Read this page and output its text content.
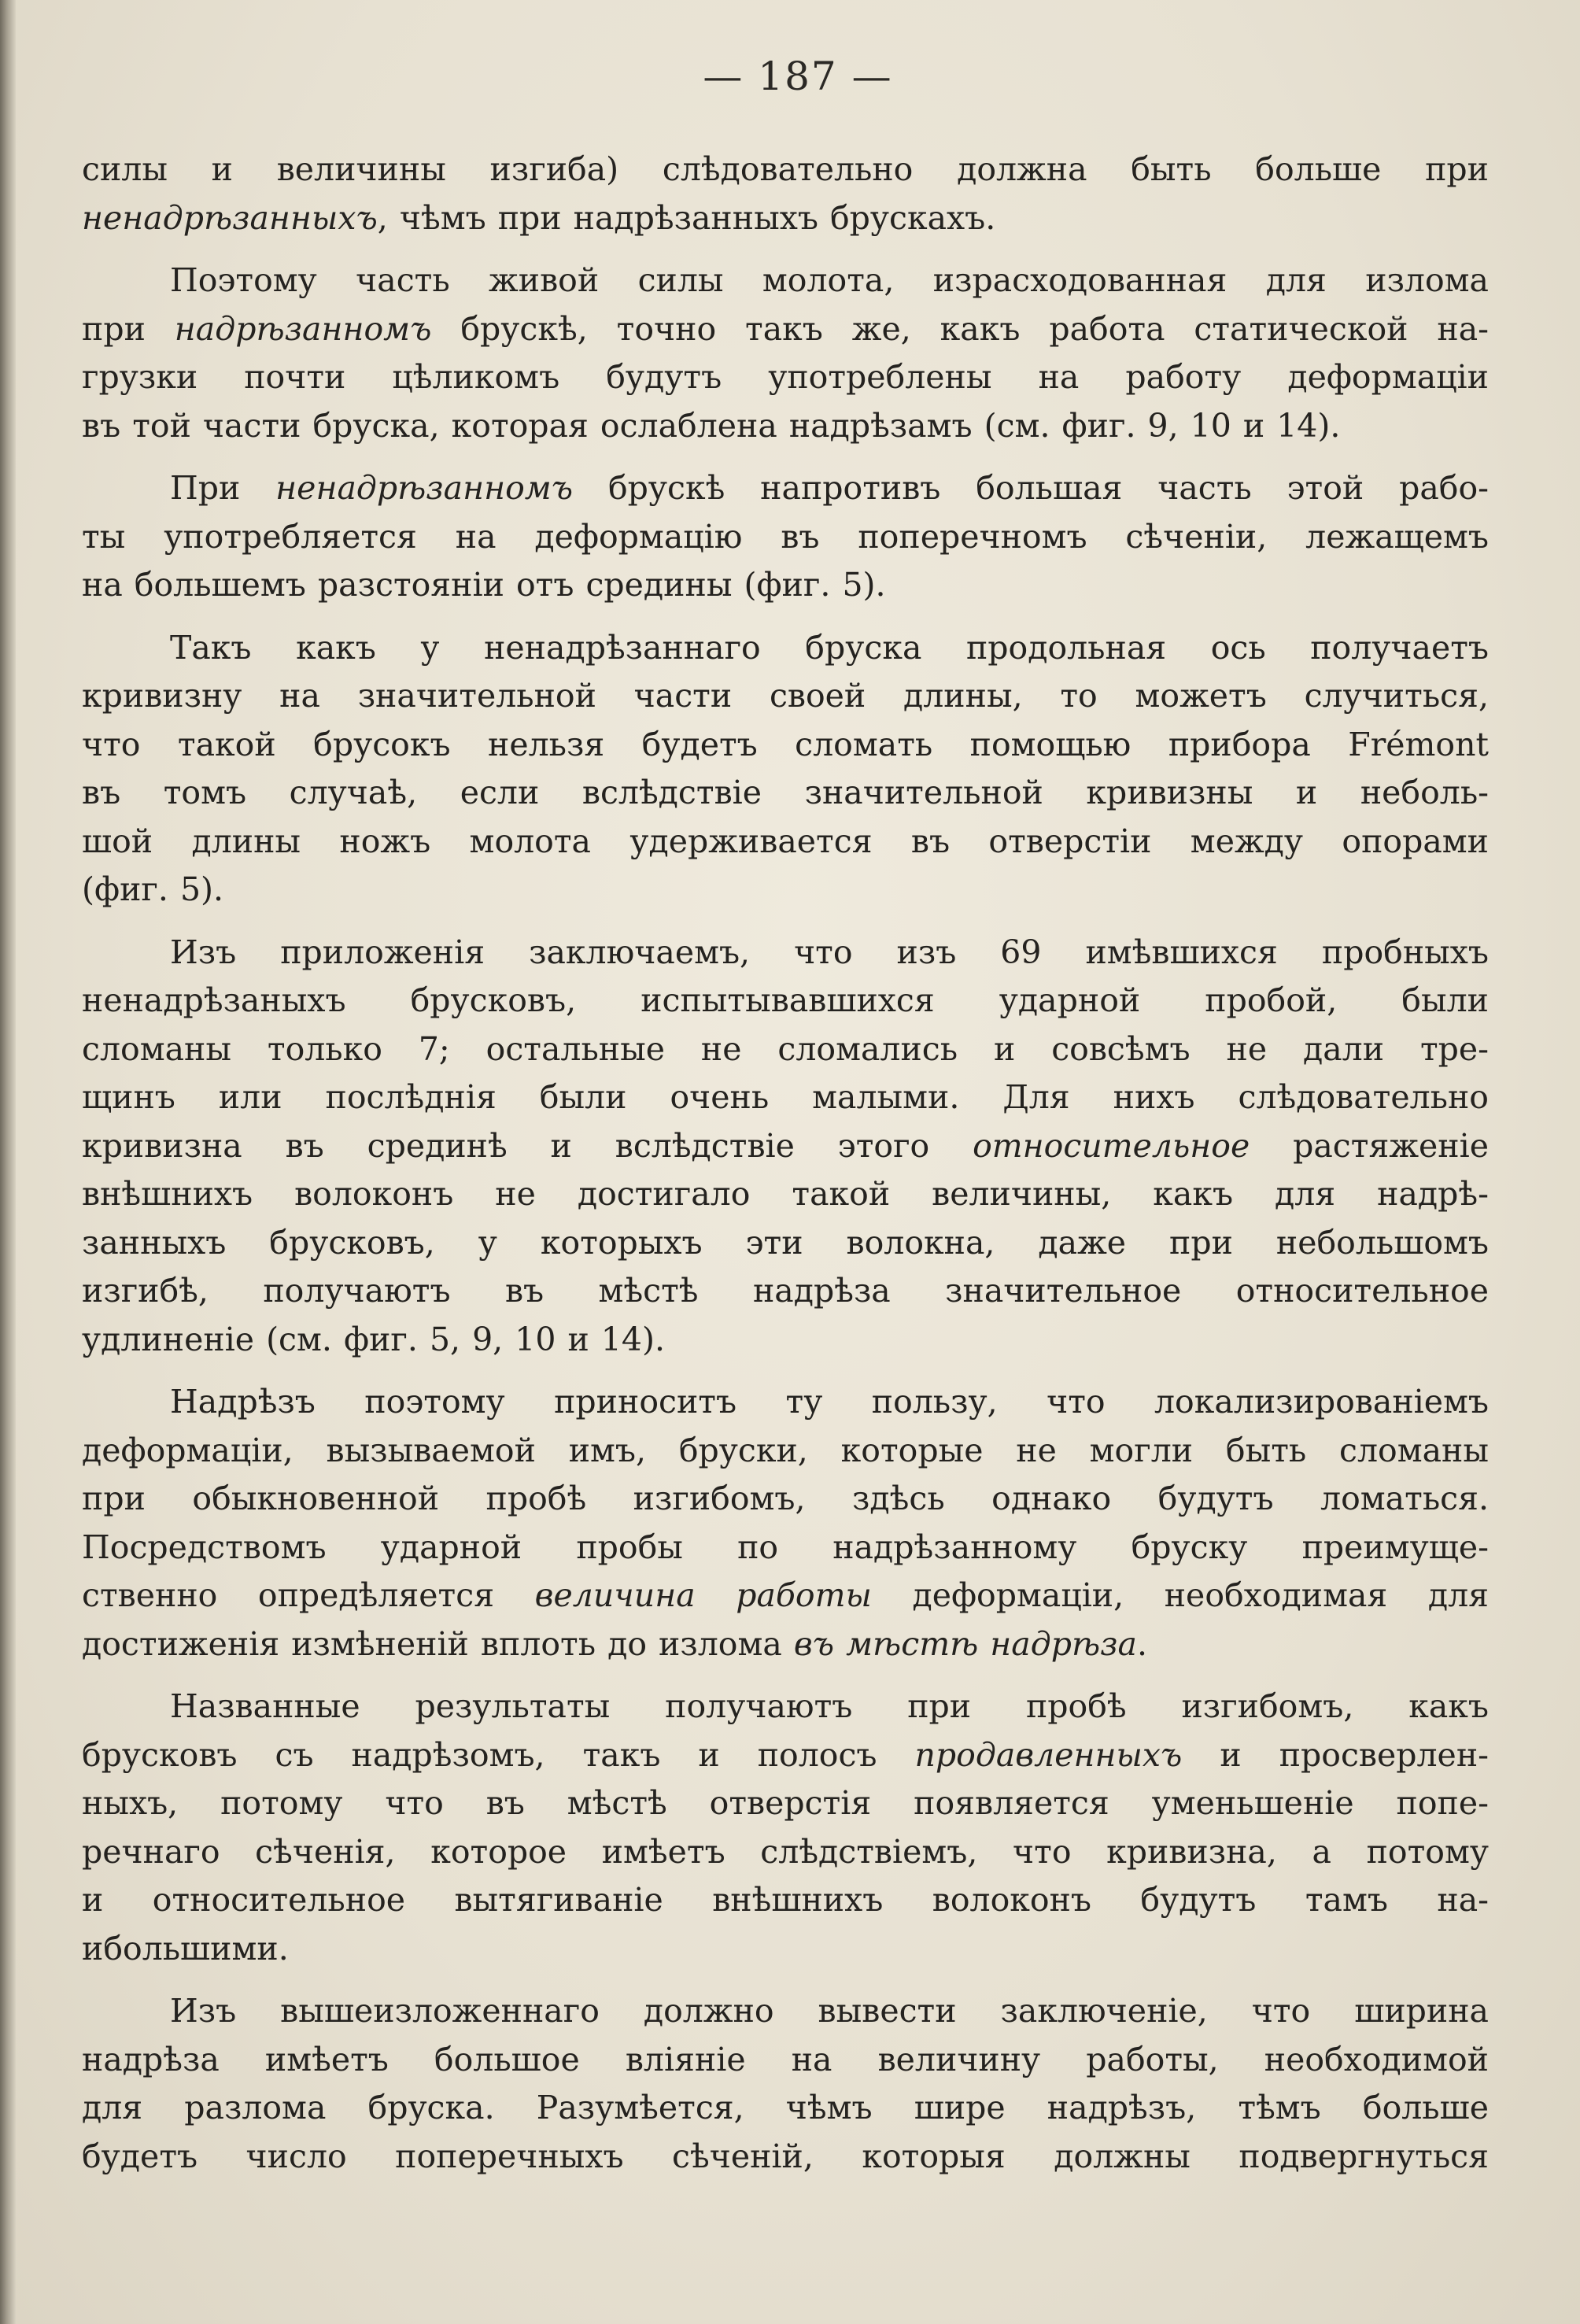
— 187 —

силы и величины изгиба) слѣдовательно должна быть больше при
ненадрѣзанныхъ, чѣмъ при надрѣзанныхъ брускахъ.

Поэтому часть живой силы молота, израсходованная для излома
при надрѣзанномъ брускѣ, точно такъ же, какъ работа статической на-
грузки почти цѣликомъ будутъ употреблены на работу деформаціи
въ той части бруска, которая ослаблена надрѣзамъ (см. фиг. 9, 10 и 14).

При ненадрѣзанномъ брускѣ напротивъ большая часть этой рабо-
ты употребляется на деформацію въ поперечномъ сѣченіи, лежащемъ
на большемъ разстояніи отъ средины (фиг. 5).

Такъ какъ у ненадрѣзаннаго бруска продольная ось получаетъ
кривизну на значительной части своей длины, то можетъ случиться,
что такой брусокъ нельзя будетъ сломать помощью прибора Frémont
въ томъ случаѣ, если вслѣдствіе значительной кривизны и неболь-
шой длины ножъ молота удерживается въ отверстіи между опорами
(фиг. 5).

Изъ приложенія заключаемъ, что изъ 69 имѣвшихся пробныхъ
ненадрѣзаныхъ брусковъ, испытывавшихся ударной пробой, были
сломаны только 7; остальные не сломались и совсѣмъ не дали тре-
щинъ или послѣднія были очень малыми. Для нихъ слѣдовательно
кривизна въ срединѣ и вслѣдствіе этого относительное растяженіе
внѣшнихъ волоконъ не достигало такой величины, какъ для надрѣ-
занныхъ брусковъ, у которыхъ эти волокна, даже при небольшомъ
изгибѣ, получаютъ въ мѣстѣ надрѣза значительное относительное
удлиненіе (см. фиг. 5, 9, 10 и 14).

Надрѣзъ поэтому приноситъ ту пользу, что локализированіемъ
деформаціи, вызываемой имъ, бруски, которые не могли быть сломаны
при обыкновенной пробѣ изгибомъ, здѣсь однако будутъ ломаться.
Посредствомъ ударной пробы по надрѣзанному бруску преимуще-
ственно опредѣляется величина работы деформаціи, необходимая для
достиженія измѣненій вплоть до излома въ мѣстѣ надрѣза.

Названные результаты получаютъ при пробѣ изгибомъ, какъ
брусковъ съ надрѣзомъ, такъ и полосъ продавленныхъ и просверлен-
ныхъ, потому что въ мѣстѣ отверстія появляется уменьшеніе попе-
речнаго сѣченія, которое имѣетъ слѣдствіемъ, что кривизна, а потому
и относительное вытягиваніе внѣшнихъ волоконъ будутъ тамъ на-
ибольшими.

Изъ вышеизложеннаго должно вывести заключеніе, что ширина
надрѣза имѣетъ большое вліяніе на величину работы, необходимой
для разлома бруска. Разумѣется, чѣмъ шире надрѣзъ, тѣмъ больше
будетъ число поперечныхъ сѣченій, которыя должны подвергнуться
